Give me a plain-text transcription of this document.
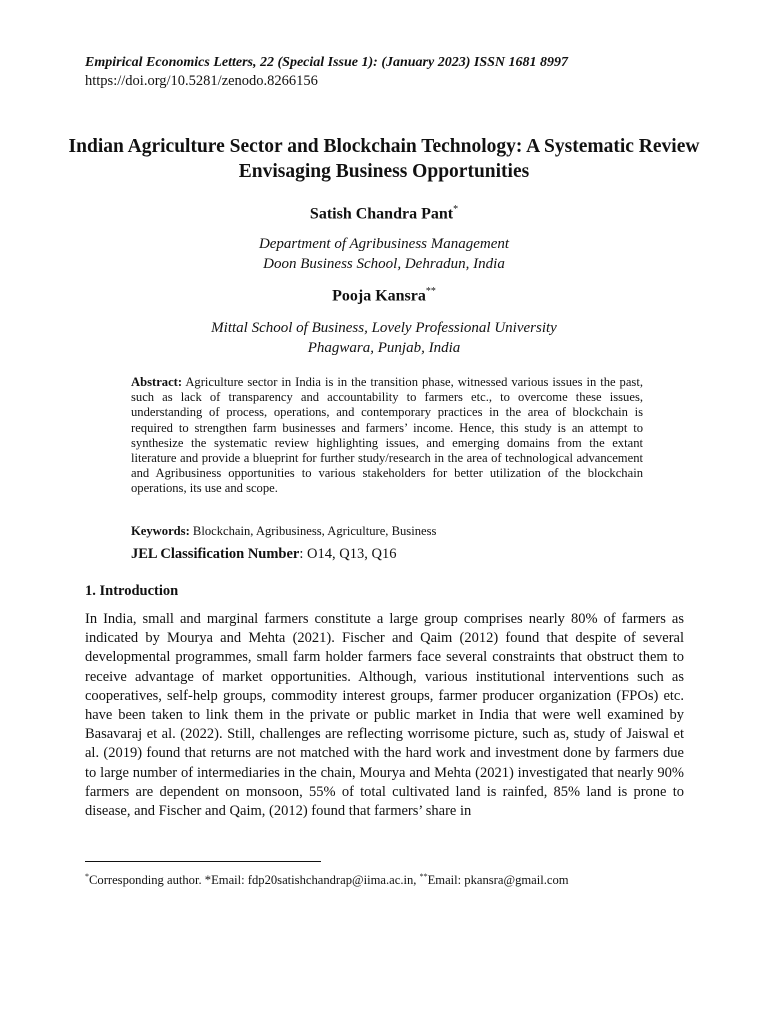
Empirical Economics Letters, 22 (Special Issue 1): (January 2023) ISSN 1681 8997
https://doi.org/10.5281/zenodo.8266156
Indian Agriculture Sector and Blockchain Technology: A Systematic Review Envisaging Business Opportunities
Satish Chandra Pant*
Department of Agribusiness Management
Doon Business School, Dehradun, India
Pooja Kansra**
Mittal School of Business, Lovely Professional University
Phagwara, Punjab, India

Abstract: Agriculture sector in India is in the transition phase, witnessed various issues in the past, such as lack of transparency and accountability to farmers etc., to overcome these issues, understanding of process, operations, and contemporary practices in the area of blockchain is required to strengthen farm businesses and farmers’ income. Hence, this study is an attempt to synthesize the systematic review highlighting issues, and emerging domains from the extant literature and provide a blueprint for further study/research in the area of technological advancement and Agribusiness opportunities to various stakeholders for better utilization of the blockchain operations, its use and scope.

Keywords: Blockchain, Agribusiness, Agriculture, Business
JEL Classification Number: O14, Q13, Q16
1. Introduction

In India, small and marginal farmers constitute a large group comprises nearly 80% of farmers as indicated by Mourya and Mehta (2021). Fischer and Qaim (2012) found that despite of several developmental programmes, small farm holder farmers face several constraints that obstruct them to receive advantage of market opportunities. Although, various institutional interventions such as cooperatives, self-help groups, commodity interest groups, farmer producer organization (FPOs) etc. have been taken to link them in the private or public market in India that were well examined by Basavaraj et al. (2022). Still, challenges are reflecting worrisome picture, such as, study of Jaiswal et al. (2019) found that returns are not matched with the hard work and investment done by farmers due to large number of intermediaries in the chain, Mourya and Mehta (2021) investigated that nearly 90% farmers are dependent on monsoon, 55% of total cultivated land is rainfed, 85% land is prone to disease, and Fischer and Qaim, (2012) found that farmers’ share in

*Corresponding author. *Email: fdp20satishchandrap@iima.ac.in, **Email: pkansra@gmail.com
